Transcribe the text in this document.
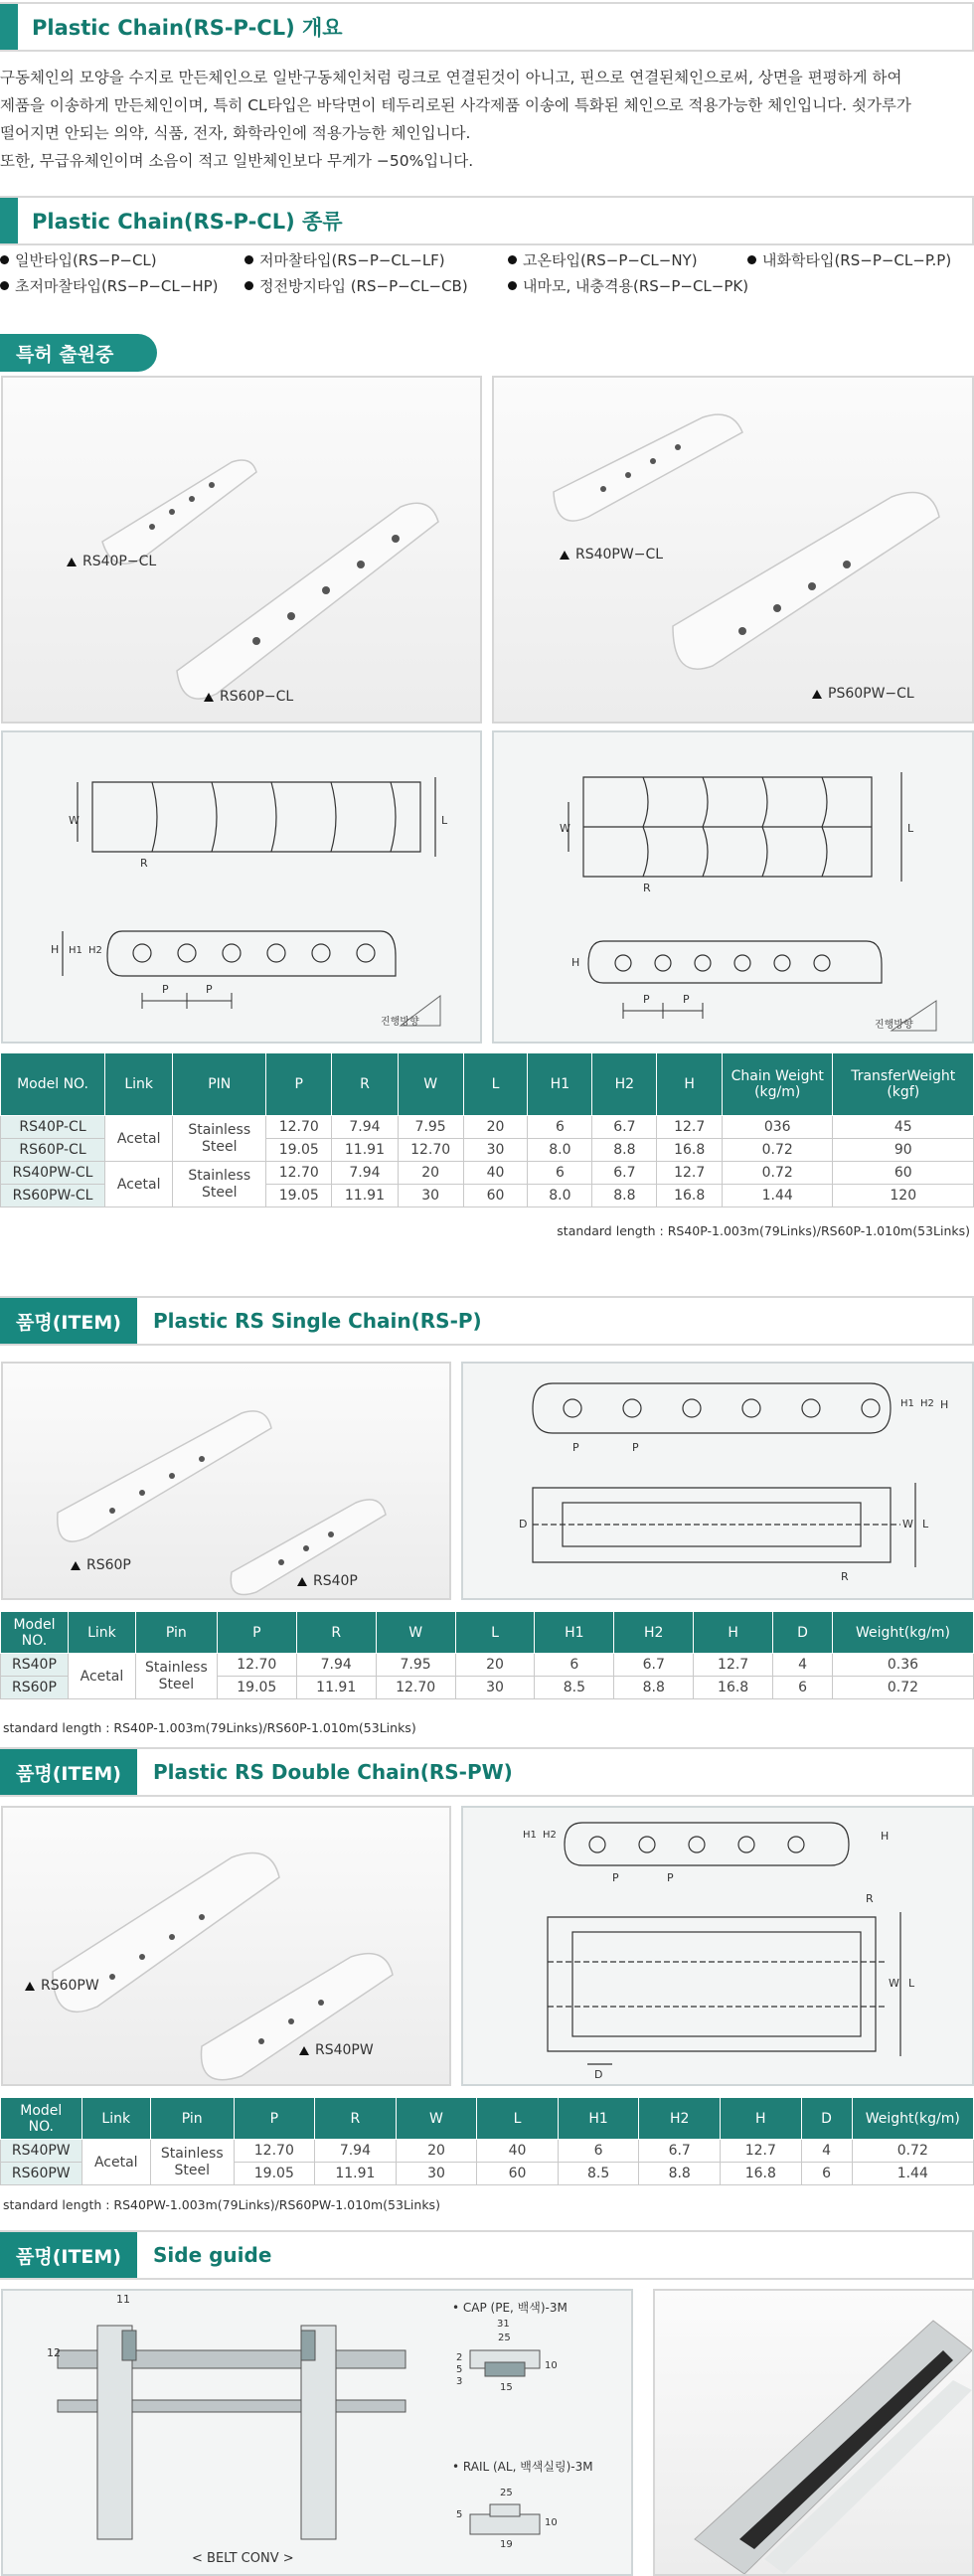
Plastic Chain(RS-P-CL) 개요
구동체인의 모양을 수지로 만든체인으로 일반구동체인처럼 링크로 연결된것이 아니고, 핀으로 연결된체인으로써, 상면을 편평하게 하여
제품을 이송하게 만든체인이며, 특히 CL타입은 바닥면이 테두리로된 사각제품 이송에 특화된 체인으로 적용가능한 체인입니다. 쇳가루가
떨어지면 안되는 의약, 식품, 전자, 화학라인에 적용가능한 체인입니다.
또한, 무급유체인이며 소음이 적고 일반체인보다 무게가 −50%입니다.
Plastic Chain(RS-P-CL) 종류
일반타입(RS−P−CL)	저마찰타입(RS−P−CL−LF)	고온타입(RS−P−CL−NY)	내화학타입(RS−P−CL−P.P)
초저마찰타입(RS−P−CL−HP)	정전방지타입 (RS−P−CL−CB)	내마모, 내충격용(RS−P−CL−PK)
특허 출원중
RS40P−CL
RS60P−CL
RS40PW−CL
PS60PW−CL
W	L
R
H H1 H2
P	P
진행방향
W	L
R
H
P	P
진행방향
Model NO.	Link	PIN	P	R	W	L	H1	H2	H	Chain Weight
(kg/m)	TransferWeight
(kgf)
RS40P-CL	Acetal	Stainless Steel	12.70	7.94	7.95	20	6	6.7	12.7	036	45
RS60P-CL			19.05	11.91	12.70	30	8.0	8.8	16.8	0.72	90
RS40PW-CL	Acetal	Stainless Steel	12.70	7.94	20	40	6	6.7	12.7	0.72	60
RS60PW-CL			19.05	11.91	30	60	8.0	8.8	16.8	1.44	120
standard length : RS40P-1.003m(79Links)/RS60P-1.010m(53Links)
품명(ITEM)	Plastic RS Single Chain(RS-P)
RS60P
RS40P
P	P
H1 H2 H
D	W L
R
Model
NO.	Link	Pin	P	R	W	L	H1	H2	H	D	Weight(kg/m)
RS40P	Acetal	Stainless Steel	12.70	7.94	7.95	20	6	6.7	12.7	4	0.36
RS60P			19.05	11.91	12.70	30	8.5	8.8	16.8	6	0.72
standard length : RS40P-1.003m(79Links)/RS60P-1.010m(53Links)
품명(ITEM)	Plastic RS Double Chain(RS-PW)
RS60PW
RS40PW
P	P
R
H1 H2	H
W L
D
Model
NO.	Link	Pin	P	R	W	L	H1	H2	H	D	Weight(kg/m)
RS40PW	Acetal	Stainless Steel	12.70	7.94	20	40	6	6.7	12.7	4	0.72
RS60PW			19.05	11.91	30	60	8.5	8.8	16.8	6	1.44
standard length : RS40PW-1.003m(79Links)/RS60PW-1.010m(53Links)
품명(ITEM)	Side guide
11
12
< BELT CONV >
• CAP (PE, 백색)-3M
31
25
10
15
2
5
3
• RAIL (AL, 백색실링)-3M
25
10
5
19
